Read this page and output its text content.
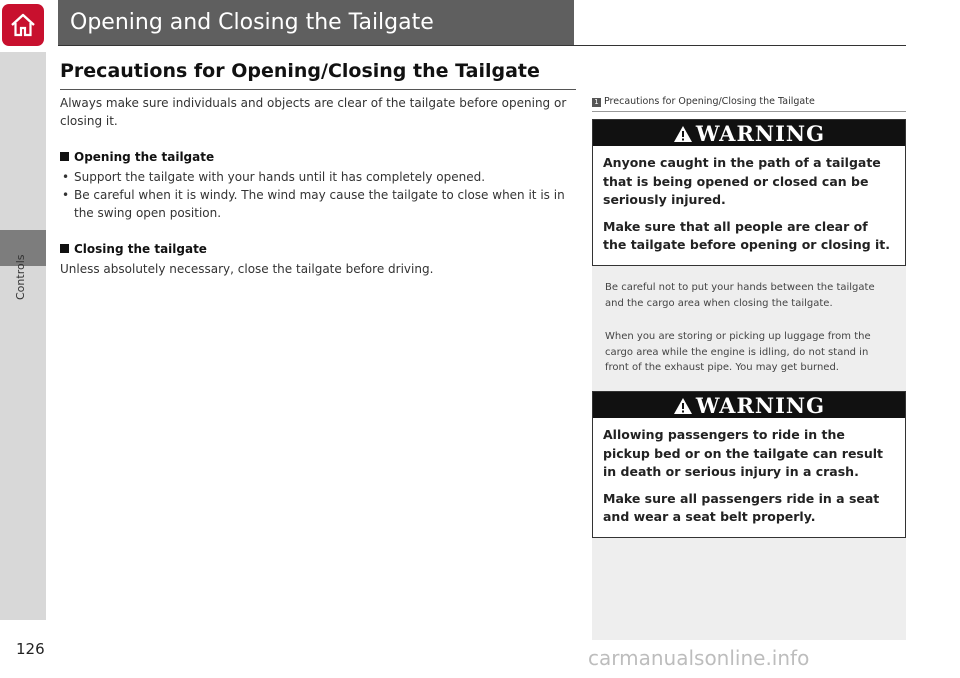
Controls
Opening and Closing the Tailgate
Precautions for Opening/Closing the Tailgate
Always make sure individuals and objects are clear of the tailgate before opening or closing it.
Opening the tailgate
• Support the tailgate with your hands until it has completely opened.
• Be careful when it is windy. The wind may cause the tailgate to close when it is in the swing open position.
Closing the tailgate
Unless absolutely necessary, close the tailgate before driving.
1 Precautions for Opening/Closing the Tailgate
WARNING

Anyone caught in the path of a tailgate that is being opened or closed can be seriously injured.

Make sure that all people are clear of the tailgate before opening or closing it.

Be careful not to put your hands between the tailgate and the cargo area when closing the tailgate.
When you are storing or picking up luggage from the cargo area while the engine is idling, do not stand in front of the exhaust pipe. You may get burned.
WARNING

Allowing passengers to ride in the pickup bed or on the tailgate can result in death or serious injury in a crash.

Make sure all passengers ride in a seat and wear a seat belt properly.

126	carmanualsonline.info
